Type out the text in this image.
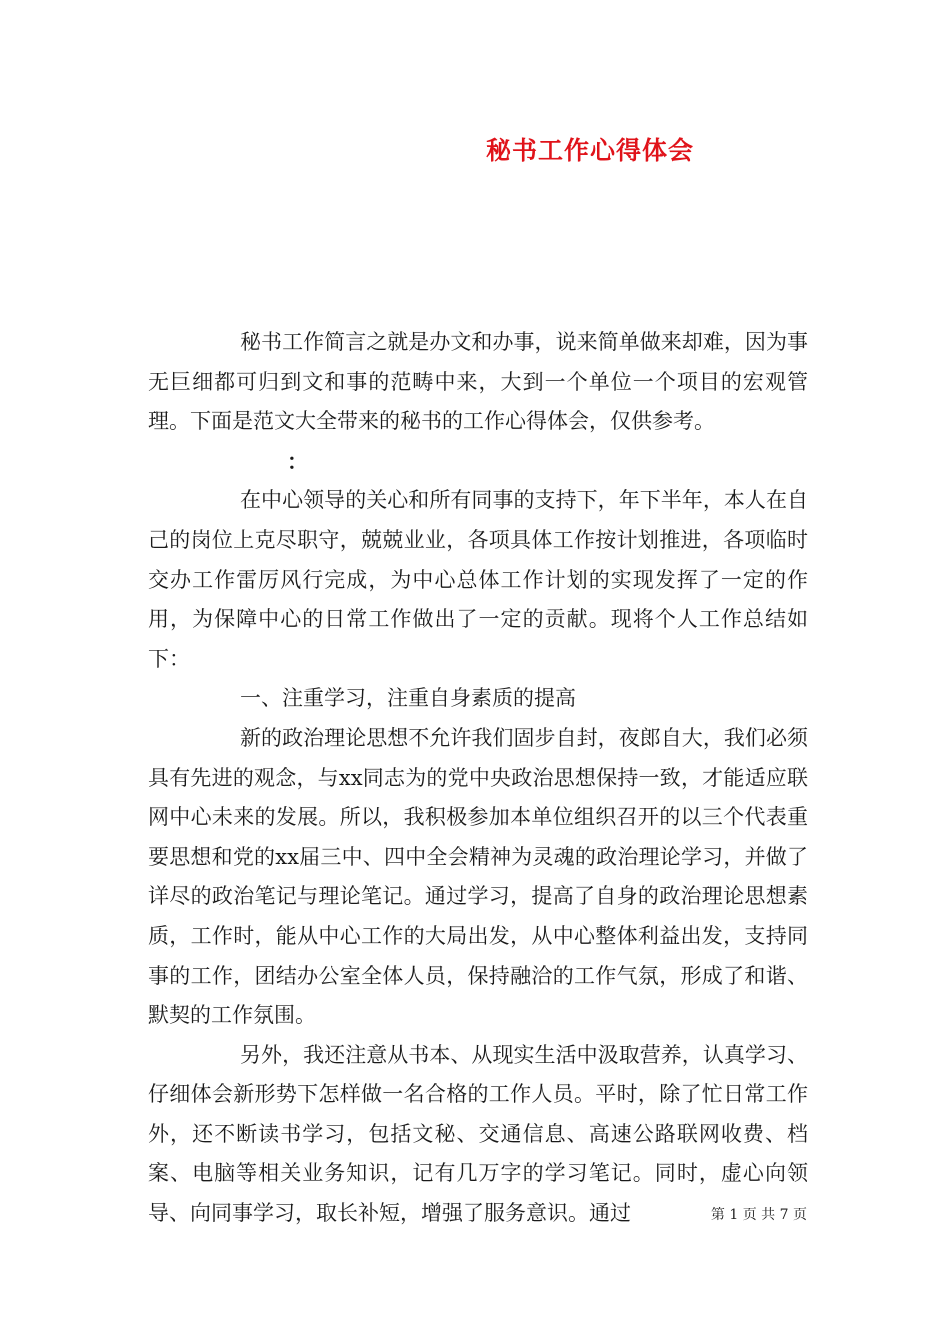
秘书工作心得体会

秘书工作简言之就是办文和办事，说来简单做来却难，因为事无巨细都可归到文和事的范畴中来，大到一个单位一个项目的宏观管理。下面是范文大全带来的秘书的工作心得体会，仅供参考。

：

在中心领导的关心和所有同事的支持下，年下半年，本人在自己的岗位上克尽职守，兢兢业业，各项具体工作按计划推进，各项临时交办工作雷厉风行完成，为中心总体工作计划的实现发挥了一定的作用，为保障中心的日常工作做出了一定的贡献。现将个人工作总结如下：

一、注重学习，注重自身素质的提高

新的政治理论思想不允许我们固步自封，夜郎自大，我们必须具有先进的观念，与xx同志为的党中央政治思想保持一致，才能适应联网中心未来的发展。所以，我积极参加本单位组织召开的以三个代表重要思想和党的xx届三中、四中全会精神为灵魂的政治理论学习，并做了详尽的政治笔记与理论笔记。通过学习，提高了自身的政治理论思想素质，工作时，能从中心工作的大局出发，从中心整体利益出发，支持同事的工作，团结办公室全体人员，保持融洽的工作气氛，形成了和谐、默契的工作氛围。

另外，我还注意从书本、从现实生活中汲取营养，认真学习、仔细体会新形势下怎样做一名合格的工作人员。平时，除了忙日常工作外，还不断读书学习，包括文秘、交通信息、高速公路联网收费、档案、电脑等相关业务知识，记有几万字的学习笔记。同时，虚心向领导、向同事学习，取长补短，增强了服务意识。通过	第 1 页 共 7 页
